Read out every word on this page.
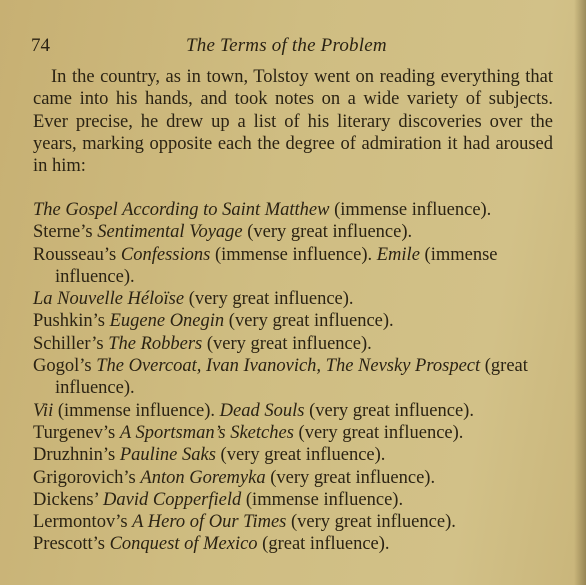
74	The Terms of the Problem

In the country, as in town, Tolstoy went on reading everything that came into his hands, and took notes on a wide variety of subjects. Ever precise, he drew up a list of his literary discoveries over the years, marking opposite each the degree of admiration it had aroused in him:

The Gospel According to Saint Matthew (immense influence).
Sterne’s Sentimental Voyage (very great influence).
Rousseau’s Confessions (immense influence). Emile (immense influence).
La Nouvelle Héloïse (very great influence).
Pushkin’s Eugene Onegin (very great influence).
Schiller’s The Robbers (very great influence).
Gogol’s The Overcoat, Ivan Ivanovich, The Nevsky Prospect (great influence).
Vii (immense influence). Dead Souls (very great influence).
Turgenev’s A Sportsman’s Sketches (very great influence).
Druzhnin’s Pauline Saks (very great influence).
Grigorovich’s Anton Goremyka (very great influence).
Dickens’ David Copperfield (immense influence).
Lermontov’s A Hero of Our Times (very great influence).
Prescott’s Conquest of Mexico (great influence).
